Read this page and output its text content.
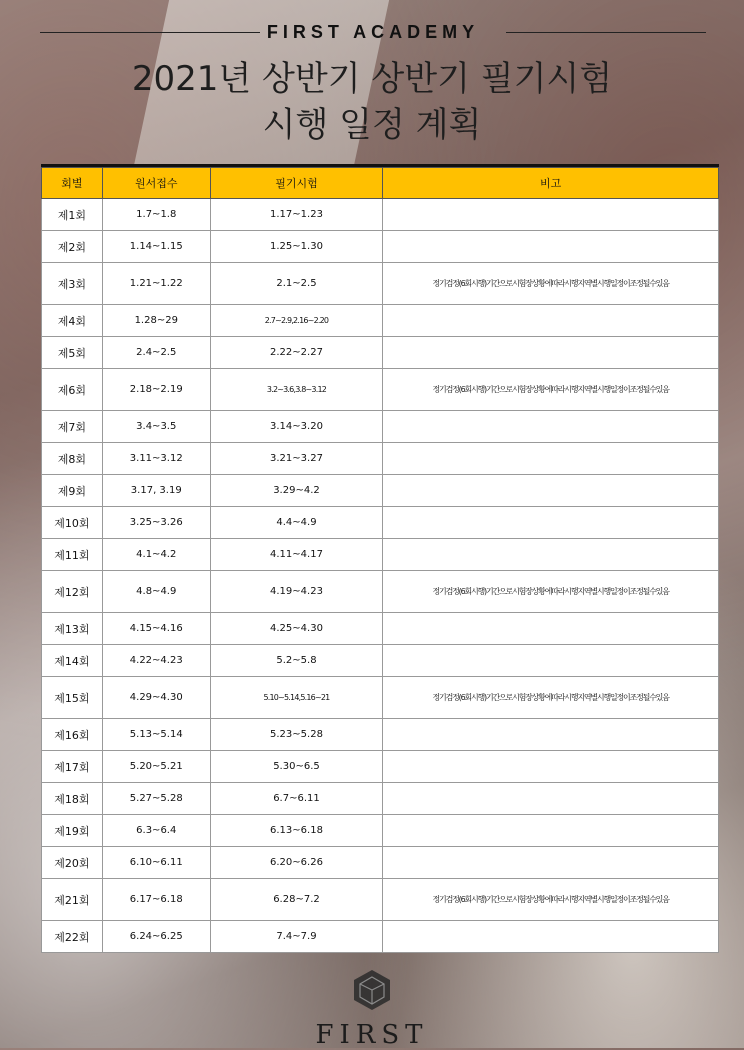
FIRST ACADEMY
2021년 상반기 상반기 필기시험
시행 일정 계획
회별	원서접수	필기시험	비고
제1회	1.7~1.8	1.17~1.23	
제2회	1.14~1.15	1.25~1.30	
제3회	1.21~1.22	2.1~2.5	정기검정(6회시행)기간으로시험장상황에따라시행지역별시행일정이조정될수있음
제4회	1.28~29	2.7~2.9,2.16~2.20	
제5회	2.4~2.5	2.22~2.27	
제6회	2.18~2.19	3.2~3.6,3.8~3.12	정기검정(6회시행)기간으로시험장상황에따라시행지역별시행일정이조정될수있음
제7회	3.4~3.5	3.14~3.20	
제8회	3.11~3.12	3.21~3.27	
제9회	3.17, 3.19	3.29~4.2	
제10회	3.25~3.26	4.4~4.9	
제11회	4.1~4.2	4.11~4.17	
제12회	4.8~4.9	4.19~4.23	정기검정(6회시행)기간으로시험장상황에따라시행지역별시행일정이조정될수있음
제13회	4.15~4.16	4.25~4.30	
제14회	4.22~4.23	5.2~5.8	
제15회	4.29~4.30	5.10~5.14,5.16~21	정기검정(6회시행)기간으로시험장상황에따라시행지역별시행일정이조정될수있음
제16회	5.13~5.14	5.23~5.28	
제17회	5.20~5.21	5.30~6.5	
제18회	5.27~5.28	6.7~6.11	
제19회	6.3~6.4	6.13~6.18	
제20회	6.10~6.11	6.20~6.26	
제21회	6.17~6.18	6.28~7.2	정기검정(6회시행)기간으로시험장상황에따라시행지역별시행일정이조정될수있음
제22회	6.24~6.25	7.4~7.9	
FIRST
